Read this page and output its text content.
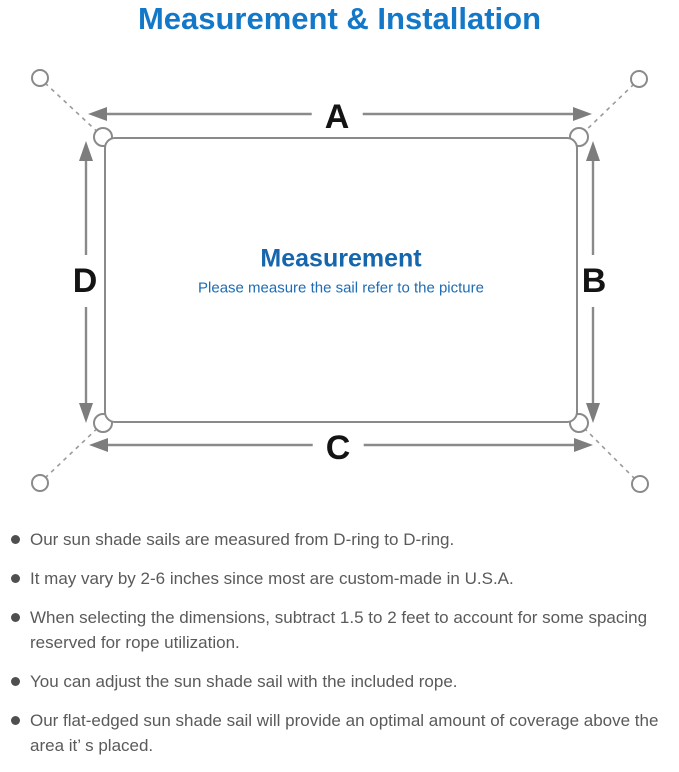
Measurement & Installation
A
D	B
C
Measurement
Please measure the sail refer to the picture
Our sun shade sails are measured from D-ring to D-ring.
It may vary by 2-6 inches since most are custom-made in U.S.A.
When selecting the dimensions, subtract 1.5 to 2 feet to account for some spacing reserved for rope utilization.
You can adjust the sun shade sail with the included rope.
Our flat-edged sun shade sail will provide an optimal amount of coverage above the area it’ s placed.
